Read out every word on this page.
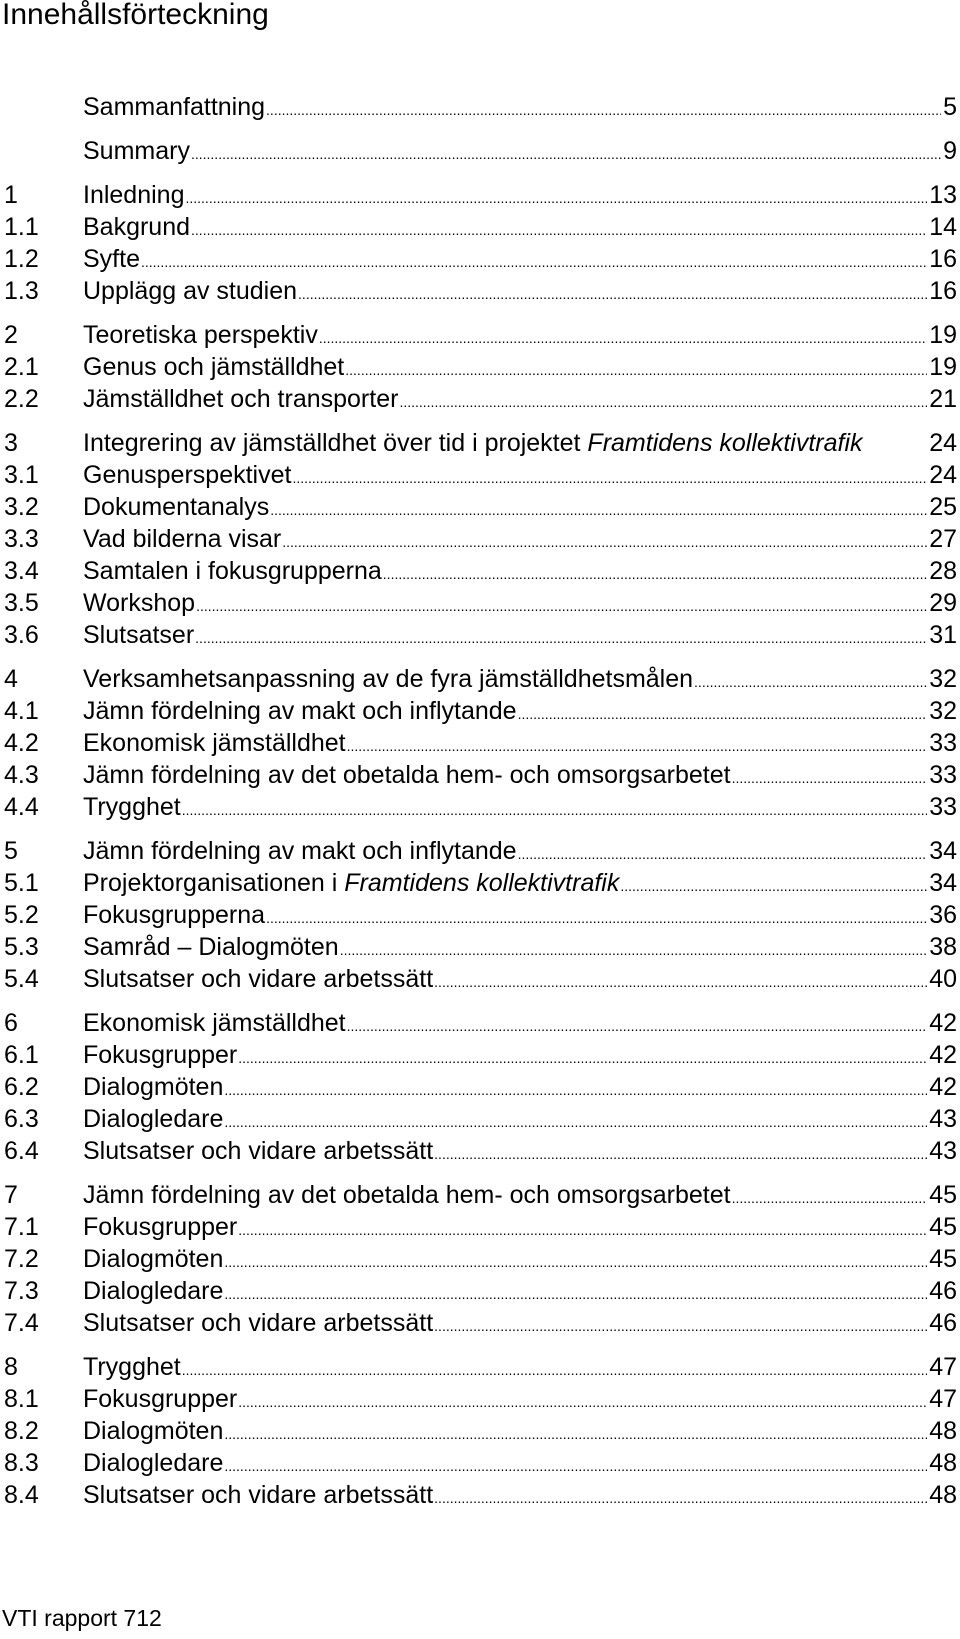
Innehållsförteckning
Sammanfattning .....	5
Summary .....	9
1	Inledning .....	13
1.1	Bakgrund .....	14
1.2	Syfte .....	16
1.3	Upplägg av studien .....	16
2	Teoretiska perspektiv .....	19
2.1	Genus och jämställdhet .....	19
2.2	Jämställdhet och transporter .....	21
3	Integrering av jämställdhet över tid i projektet Framtidens kollektivtrafik	24
3.1	Genusperspektivet .....	24
3.2	Dokumentanalys .....	25
3.3	Vad bilderna visar .....	27
3.4	Samtalen i fokusgrupperna .....	28
3.5	Workshop .....	29
3.6	Slutsatser .....	31
4	Verksamhetsanpassning av de fyra jämställdhetsmålen .....	32
4.1	Jämn fördelning av makt och inflytande .....	32
4.2	Ekonomisk jämställdhet .....	33
4.3	Jämn fördelning av det obetalda hem- och omsorgsarbetet .....	33
4.4	Trygghet .....	33
5	Jämn fördelning av makt och inflytande .....	34
5.1	Projektorganisationen i Framtidens kollektivtrafik .....	34
5.2	Fokusgrupperna .....	36
5.3	Samråd – Dialogmöten .....	38
5.4	Slutsatser och vidare arbetssätt .....	40
6	Ekonomisk jämställdhet .....	42
6.1	Fokusgrupper .....	42
6.2	Dialogmöten .....	42
6.3	Dialogledare .....	43
6.4	Slutsatser och vidare arbetssätt .....	43
7	Jämn fördelning av det obetalda hem- och omsorgsarbetet .....	45
7.1	Fokusgrupper .....	45
7.2	Dialogmöten .....	45
7.3	Dialogledare .....	46
7.4	Slutsatser och vidare arbetssätt .....	46
8	Trygghet .....	47
8.1	Fokusgrupper .....	47
8.2	Dialogmöten .....	48
8.3	Dialogledare .....	48
8.4	Slutsatser och vidare arbetssätt .....	48
VTI rapport 712
